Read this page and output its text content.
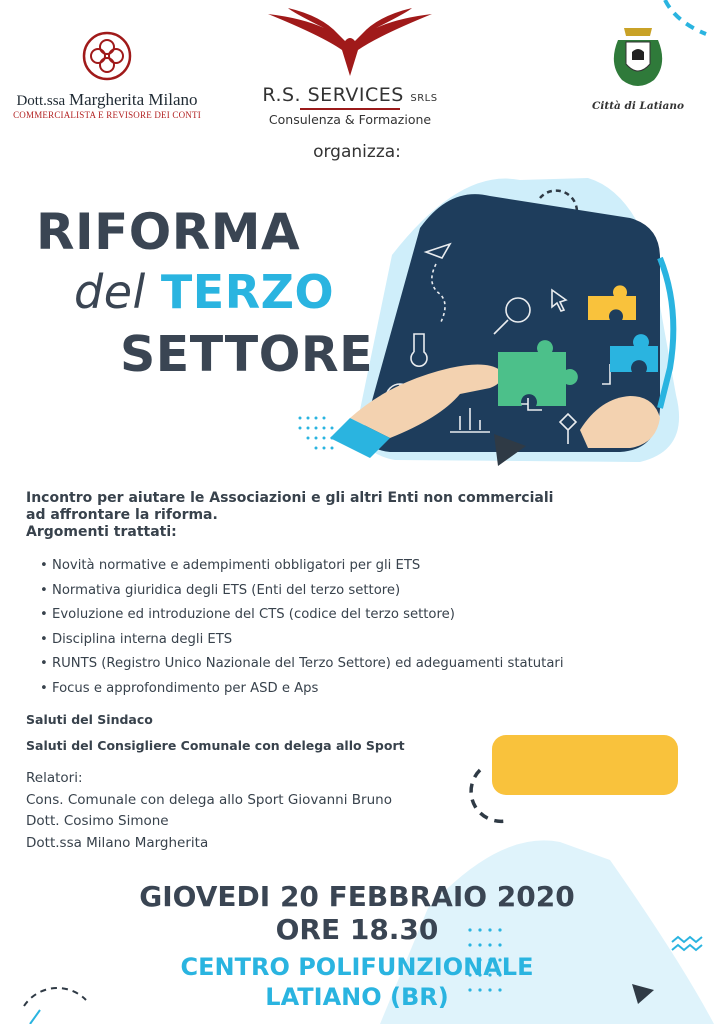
Dott.ssa Margherita Milano
COMMERCIALISTA E REVISORE DEI CONTI
R.S. SERVICES SRLS
Consulenza & Formazione
Città di Latiano
organizza:
RIFORMA
del TERZO
SETTORE
Incontro per aiutare le Associazioni e gli altri Enti non commerciali
ad affrontare la riforma.
Argomenti trattati:
• Novità normative e adempimenti obbligatori per gli ETS
• Normativa giuridica degli ETS (Enti del terzo settore)
• Evoluzione ed introduzione del CTS (codice del terzo settore)
• Disciplina interna degli ETS
• RUNTS (Registro Unico Nazionale del Terzo Settore) ed adeguamenti statutari
• Focus e approfondimento per ASD e Aps
Saluti del Sindaco
Saluti del Consigliere Comunale con delega allo Sport
Relatori:
Cons. Comunale con delega allo Sport Giovanni Bruno
Dott. Cosimo Simone
Dott.ssa Milano Margherita
GIOVEDI 20 FEBBRAIO 2020
ORE 18.30
CENTRO POLIFUNZIONALE
LATIANO (BR)
